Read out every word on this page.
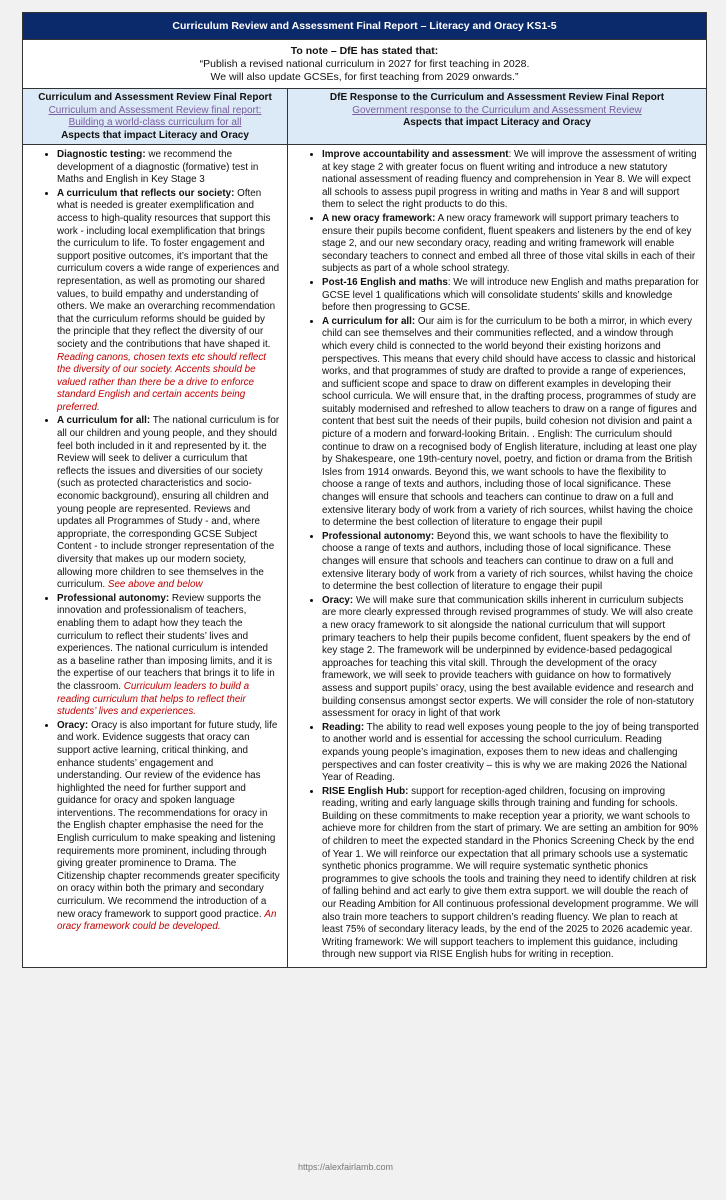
Curriculum Review and Assessment Final Report – Literacy and Oracy KS1-5
To note – DfE has stated that:
“Publish a revised national curriculum in 2027 for first teaching in 2028.
We will also update GCSEs, for first teaching from 2029 onwards.”
Curriculum and Assessment Review Final Report
Curriculum and Assessment Review final report:
Building a world-class curriculum for all
Aspects that impact Literacy and Oracy
• Diagnostic testing: we recommend the development of a diagnostic (formative) test in Maths and English in Key Stage 3
• A curriculum that reflects our society: Often what is needed is greater exemplification and access to high-quality resources that support this work - including local exemplification that brings the curriculum to life. To foster engagement and support positive outcomes, it’s important that the curriculum covers a wide range of experiences and representation, as well as promoting our shared values, to build empathy and understanding of others. We make an overarching recommendation that the curriculum reforms should be guided by the principle that they reflect the diversity of our society and the contributions that have shaped it. Reading canons, chosen texts etc should reflect the diversity of our society. Accents should be valued rather than there be a drive to enforce standard English and certain accents being preferred.
• A curriculum for all: The national curriculum is for all our children and young people, and they should feel both included in it and represented by it. the Review will seek to deliver a curriculum that reflects the issues and diversities of our society (such as protected characteristics and socio-economic background), ensuring all children and young people are represented. Reviews and updates all Programmes of Study - and, where appropriate, the corresponding GCSE Subject Content - to include stronger representation of the diversity that makes up our modern society, allowing more children to see themselves in the curriculum. See above and below
• Professional autonomy: Review supports the innovation and professionalism of teachers, enabling them to adapt how they teach the curriculum to reflect their students’ lives and experiences. The national curriculum is intended as a baseline rather than imposing limits, and it is the expertise of our teachers that brings it to life in the classroom. Curriculum leaders to build a reading curriculum that helps to reflect their students’ lives and experiences.
• Oracy: Oracy is also important for future study, life and work. Evidence suggests that oracy can support active learning, critical thinking, and enhance students’ engagement and understanding. Our review of the evidence has highlighted the need for further support and guidance for oracy and spoken language interventions. The recommendations for oracy in the English chapter emphasise the need for the English curriculum to make speaking and listening requirements more prominent, including through giving greater prominence to Drama. The Citizenship chapter recommends greater specificity on oracy within both the primary and secondary curriculum. We recommend the introduction of a new oracy framework to support good practice. An oracy framework could be developed.
DfE Response to the Curriculum and Assessment Review Final Report
Government response to the Curriculum and Assessment Review
Aspects that impact Literacy and Oracy
• Improve accountability and assessment: We will improve the assessment of writing at key stage 2 with greater focus on fluent writing and introduce a new statutory national assessment of reading fluency and comprehension in Year 8. We will expect all schools to assess pupil progress in writing and maths in Year 8 and will support them to select the right products to do this.
• A new oracy framework: A new oracy framework will support primary teachers to ensure their pupils become confident, fluent speakers and listeners by the end of key stage 2, and our new secondary oracy, reading and writing framework will enable secondary teachers to connect and embed all three of those vital skills in each of their subjects as part of a whole school strategy.
• Post-16 English and maths: We will introduce new English and maths preparation for GCSE level 1 qualifications which will consolidate students’ skills and knowledge before then progressing to GCSE.
• A curriculum for all: Our aim is for the curriculum to be both a mirror, in which every child can see themselves and their communities reflected, and a window through which every child is connected to the world beyond their existing horizons and perspectives. This means that every child should have access to classic and historical works, and that programmes of study are drafted to provide a range of experiences, and sufficient scope and space to draw on different examples in developing their school curricula. We will ensure that, in the drafting process, programmes of study are suitably modernised and refreshed to allow teachers to draw on a range of figures and content that best suit the needs of their pupils, build cohesion not division and paint a picture of a modern and forward-looking Britain. . English: The curriculum should continue to draw on a recognised body of English literature, including at least one play by Shakespeare, one 19th-century novel, poetry, and fiction or drama from the British Isles from 1914 onwards. Beyond this, we want schools to have the flexibility to choose a range of texts and authors, including those of local significance. These changes will ensure that schools and teachers can continue to draw on a full and extensive literary body of work from a variety of rich sources, whilst having the choice to determine the best collection of literature to engage their pupil
• Professional autonomy: Beyond this, we want schools to have the flexibility to choose a range of texts and authors, including those of local significance. These changes will ensure that schools and teachers can continue to draw on a full and extensive literary body of work from a variety of rich sources, whilst having the choice to determine the best collection of literature to engage their pupil
• Oracy: We will make sure that communication skills inherent in curriculum subjects are more clearly expressed through revised programmes of study. We will also create a new oracy framework to sit alongside the national curriculum that will support primary teachers to help their pupils become confident, fluent speakers by the end of key stage 2. The framework will be underpinned by evidence-based pedagogical approaches for teaching this vital skill. Through the development of the oracy framework, we will seek to provide teachers with guidance on how to formatively assess and support pupils’ oracy, using the best available evidence and research and building consensus amongst sector experts. We will consider the role of non-statutory assessment for oracy in light of that work
• Reading: The ability to read well exposes young people to the joy of being transported to another world and is essential for accessing the school curriculum. Reading expands young people’s imagination, exposes them to new ideas and challenging perspectives and can foster creativity – this is why we are making 2026 the National Year of Reading.
• RISE English Hub: support for reception-aged children, focusing on improving reading, writing and early language skills through training and funding for schools. Building on these commitments to make reception year a priority, we want schools to achieve more for children from the start of primary. We are setting an ambition for 90% of children to meet the expected standard in the Phonics Screening Check by the end of Year 1. We will reinforce our expectation that all primary schools use a systematic synthetic phonics programme. We will require systematic synthetic phonics programmes to give schools the tools and training they need to identify children at risk of falling behind and act early to give them extra support. we will double the reach of our Reading Ambition for All continuous professional development programme. We will also train more teachers to support children’s reading fluency. We plan to reach at least 75% of secondary literacy leads, by the end of the 2025 to 2026 academic year. Writing framework: We will support teachers to implement this guidance, including through new support via RISE English hubs for writing in reception.
https://alexfairlamb.com
